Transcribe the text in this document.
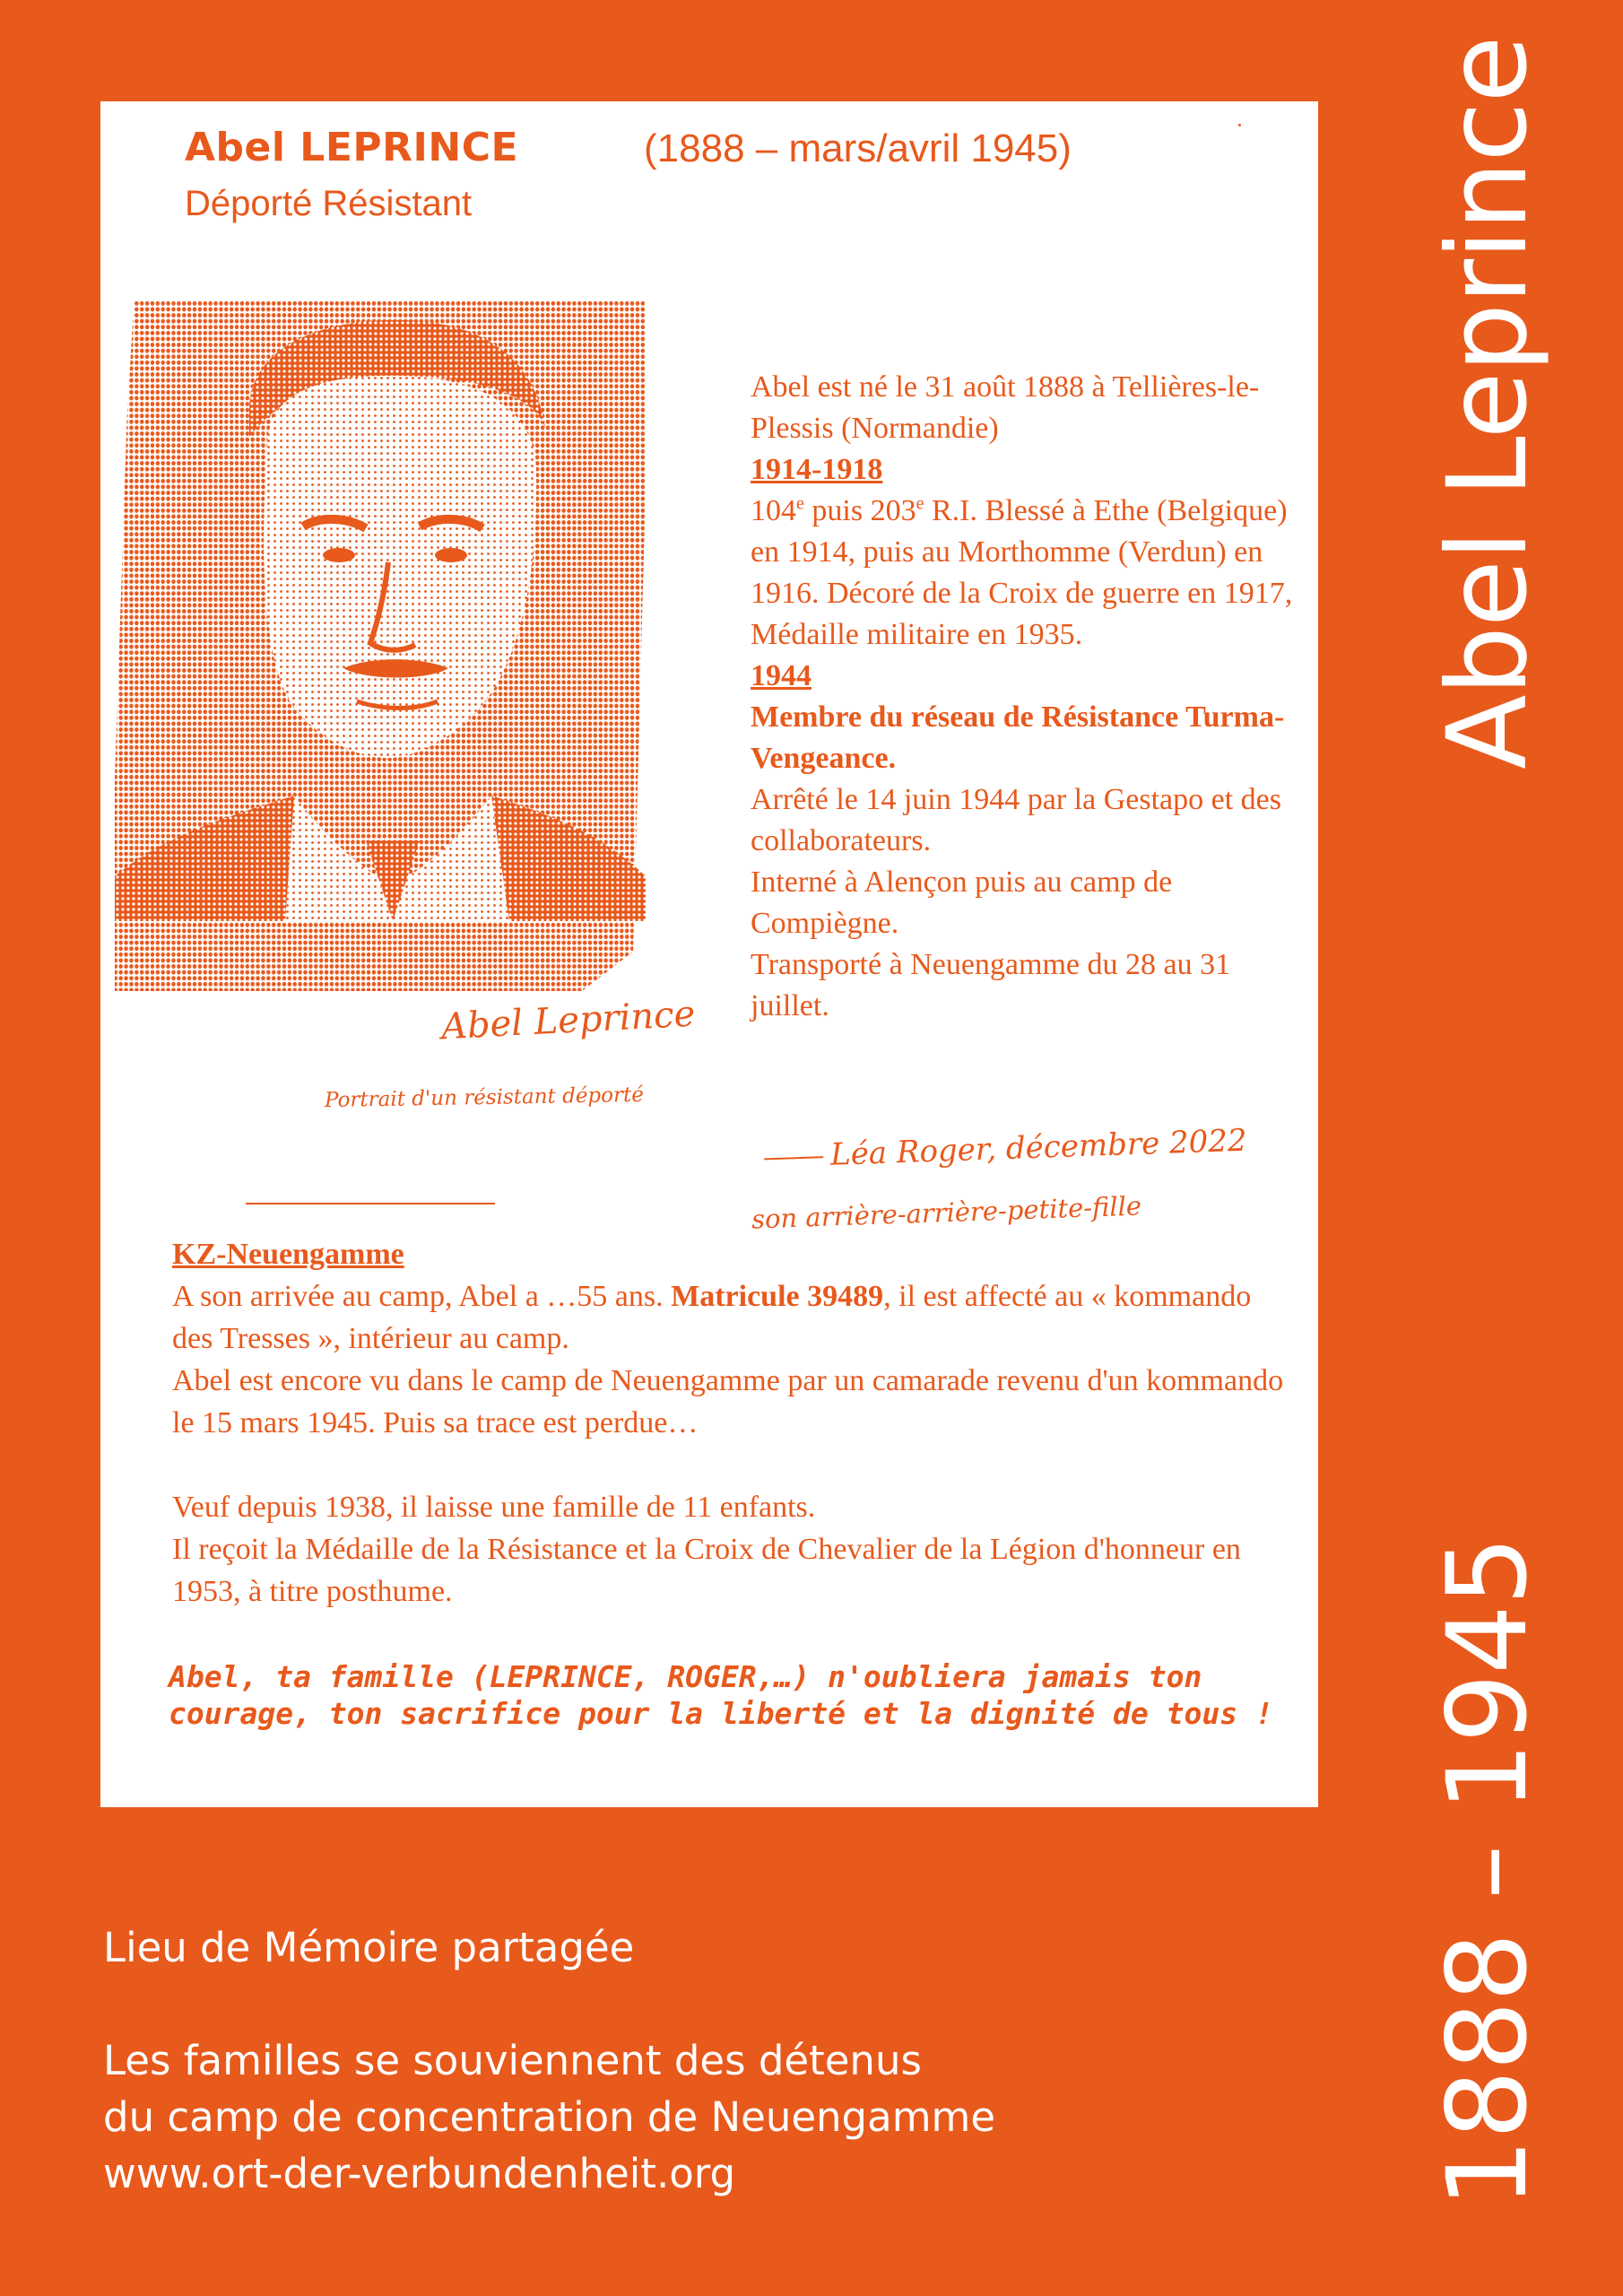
Abel LEPRINCE	(1888 – mars/avril 1945)
Déporté Résistant
Abel Leprince
Portrait d'un résistant déporté
Abel est né le 31 août 1888 à Tellières-le-Plessis (Normandie)
1914-1918
104e puis 203e R.I. Blessé à Ethe (Belgique) en 1914, puis au Morthomme (Verdun) en 1916. Décoré de la Croix de guerre en 1917, Médaille militaire en 1935.
1944
Membre du réseau de Résistance Turma-Vengeance.
Arrêté le 14 juin 1944 par la Gestapo et des collaborateurs.
Interné à Alençon puis au camp de Compiègne.
Transporté à Neuengamme du 28 au 31 juillet.
Léa Roger, décembre 2022
son arrière-arrière-petite-fille
KZ-Neuengamme
A son arrivée au camp, Abel a …55 ans. Matricule 39489, il est affecté au « kommando des Tresses », intérieur au camp.
Abel est encore vu dans le camp de Neuengamme par un camarade revenu d'un kommando le 15 mars 1945. Puis sa trace est perdue…
Veuf depuis 1938, il laisse une famille de 11 enfants.
Il reçoit la Médaille de la Résistance et la Croix de Chevalier de la Légion d'honneur en 1953, à titre posthume.
Abel, ta famille (LEPRINCE, ROGER,…) n'oubliera jamais ton courage, ton sacrifice pour la liberté et la dignité de tous !
Lieu de Mémoire partagée
Les familles se souviennent des détenus
du camp de concentration de Neuengamme
www.ort-der-verbundenheit.org
Abel Leprince
1888 – 1945
